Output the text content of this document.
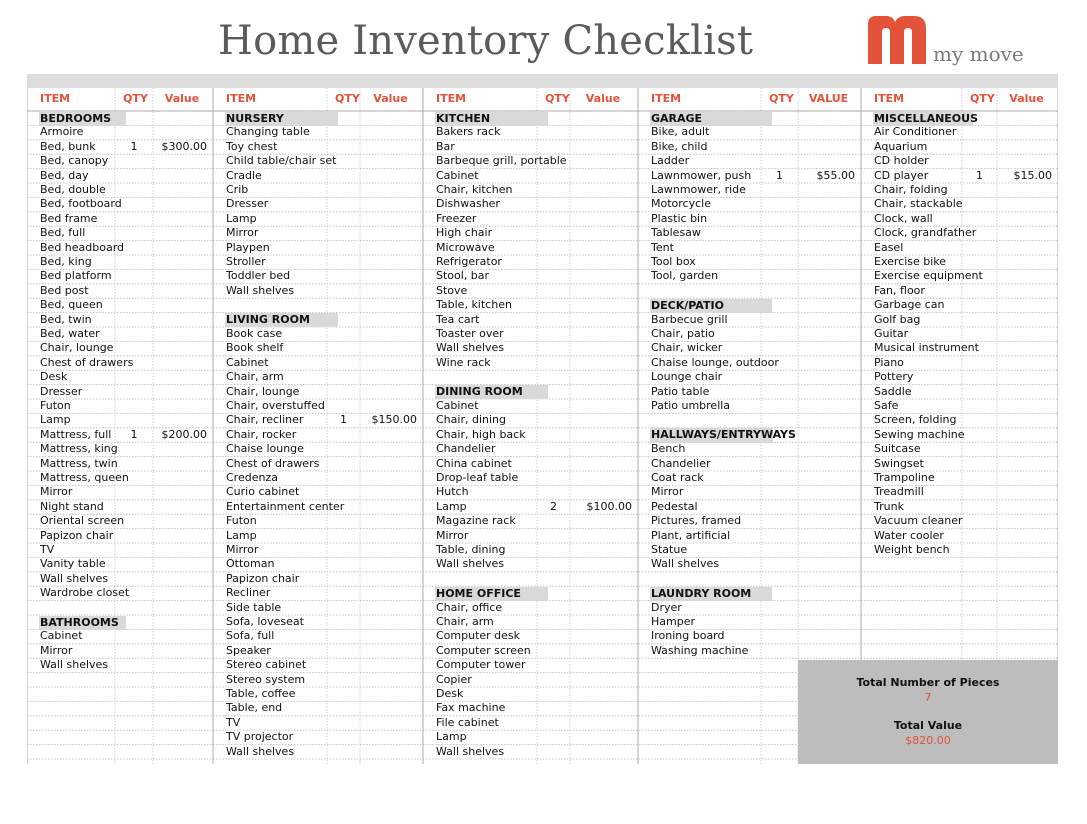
Home Inventory Checklist	my move
ITEM	QTY	Value
BEDROOMS
Armoire
Bed, bunk	1	$300.00
Bed, canopy
Bed, day
Bed, double
Bed, footboard
Bed frame
Bed, full
Bed headboard
Bed, king
Bed platform
Bed post
Bed, queen
Bed, twin
Bed, water
Chair, lounge
Chest of drawers
Desk
Dresser
Futon
Lamp
Mattress, full	1	$200.00
Mattress, king
Mattress, twin
Mattress, queen
Mirror
Night stand
Oriental screen
Papizon chair
TV
Vanity table
Wall shelves
Wardrobe closet
BATHROOMS
Cabinet
Mirror
Wall shelves
ITEM	QTY	Value
NURSERY
Changing table
Toy chest
Child table/chair set
Cradle
Crib
Dresser
Lamp
Mirror
Playpen
Stroller
Toddler bed
Wall shelves
LIVING ROOM
Book case
Book shelf
Cabinet
Chair, arm
Chair, lounge
Chair, overstuffed
Chair, recliner	1	$150.00
Chair, rocker
Chaise lounge
Chest of drawers
Credenza
Curio cabinet
Entertainment center
Futon
Lamp
Mirror
Ottoman
Papizon chair
Recliner
Side table
Sofa, loveseat
Sofa, full
Speaker
Stereo cabinet
Stereo system
Table, coffee
Table, end
TV
TV projector
Wall shelves
ITEM	QTY	Value
KITCHEN
Bakers rack
Bar
Barbeque grill, portable
Cabinet
Chair, kitchen
Dishwasher
Freezer
High chair
Microwave
Refrigerator
Stool, bar
Stove
Table, kitchen
Tea cart
Toaster over
Wall shelves
Wine rack
DINING ROOM
Cabinet
Chair, dining
Chair, high back
Chandelier
China cabinet
Drop-leaf table
Hutch
Lamp	2	$100.00
Magazine rack
Mirror
Table, dining
Wall shelves
HOME OFFICE
Chair, office
Chair, arm
Computer desk
Computer screen
Computer tower
Copier
Desk
Fax machine
File cabinet
Lamp
Wall shelves
ITEM	QTY	VALUE
GARAGE
Bike, adult
Bike, child
Ladder
Lawnmower, push	1	$55.00
Lawnmower, ride
Motorcycle
Plastic bin
Tablesaw
Tent
Tool box
Tool, garden
DECK/PATIO
Barbecue grill
Chair, patio
Chair, wicker
Chaise lounge, outdoor
Lounge chair
Patio table
Patio umbrella
HALLWAYS/ENTRYWAYS
Bench
Chandelier
Coat rack
Mirror
Pedestal
Pictures, framed
Plant, artificial
Statue
Wall shelves
LAUNDRY ROOM
Dryer
Hamper
Ironing board
Washing machine
ITEM	QTY	Value
MISCELLANEOUS
Air Conditioner
Aquarium
CD holder
CD player	1	$15.00
Chair, folding
Chair, stackable
Clock, wall
Clock, grandfather
Easel
Exercise bike
Exercise equipment
Fan, floor
Garbage can
Golf bag
Guitar
Musical instrument
Piano
Pottery
Saddle
Safe
Screen, folding
Sewing machine
Suitcase
Swingset
Trampoline
Treadmill
Trunk
Vacuum cleaner
Water cooler
Weight bench
Total Number of Pieces
7
Total Value
$820.00
